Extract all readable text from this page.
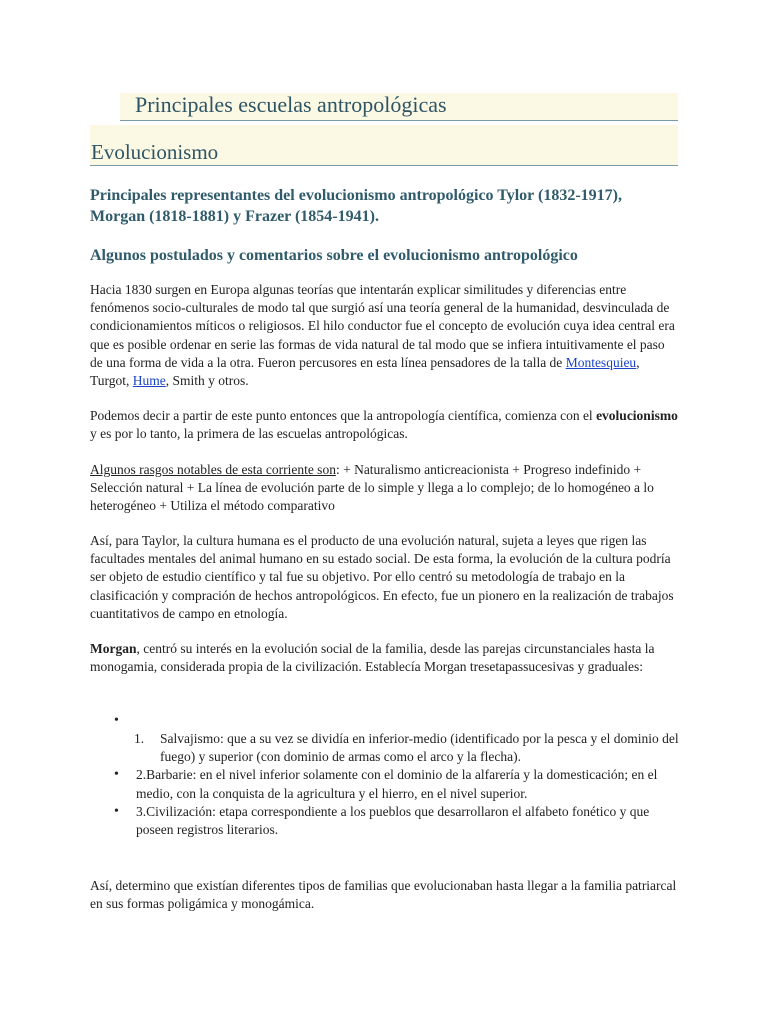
Principales escuelas antropológicas
Evolucionismo
Principales representantes del evolucionismo antropológico Tylor (1832-1917), Morgan (1818-1881) y Frazer (1854-1941).
Algunos postulados y comentarios sobre el evolucionismo antropológico

Hacia 1830 surgen en Europa algunas teorías que intentarán explicar similitudes y diferencias entre fenómenos socio-culturales de modo tal que surgió así una teoría general de la humanidad, desvinculada de condicionamientos míticos o religiosos. El hilo conductor fue el concepto de evolución cuya idea central era que es posible ordenar en serie las formas de vida natural de tal modo que se infiera intuitivamente el paso de una forma de vida a la otra. Fueron percusores en esta línea pensadores de la talla de Montesquieu, Turgot, Hume, Smith y otros.

Podemos decir a partir de este punto entonces que la antropología científica, comienza con el evolucionismo y es por lo tanto, la primera de las escuelas antropológicas.

Algunos rasgos notables de esta corriente son: + Naturalismo anticreacionista + Progreso indefinido + Selección natural + La línea de evolución parte de lo simple y llega a lo complejo; de lo homogéneo a lo heterogéneo + Utiliza el método comparativo

Así, para Taylor, la cultura humana es el producto de una evolución natural, sujeta a leyes que rigen las facultades mentales del animal humano en su estado social. De esta forma, la evolución de la cultura podría ser objeto de estudio científico y tal fue su objetivo. Por ello centró su metodología de trabajo en la clasificación y compración de hechos antropológicos. En efecto, fue un pionero en la realización de trabajos cuantitativos de campo en etnología.

Morgan, centró su interés en la evolución social de la familia, desde las parejas circunstanciales hasta la monogamia, considerada propia de la civilización. Establecía Morgan tresetapassucesivas y graduales:

•
1. Salvajismo: que a su vez se dividía en inferior-medio (identificado por la pesca y el dominio del fuego) y superior (con dominio de armas como el arco y la flecha).
• 2.Barbarie: en el nivel inferior solamente con el dominio de la alfarería y la domesticación; en el medio, con la conquista de la agricultura y el hierro, en el nivel superior.
• 3.Civilización: etapa correspondiente a los pueblos que desarrollaron el alfabeto fonético y que poseen registros literarios.

Así, determino que existían diferentes tipos de familias que evolucionaban hasta llegar a la familia patriarcal en sus formas poligámica y monogámica.
